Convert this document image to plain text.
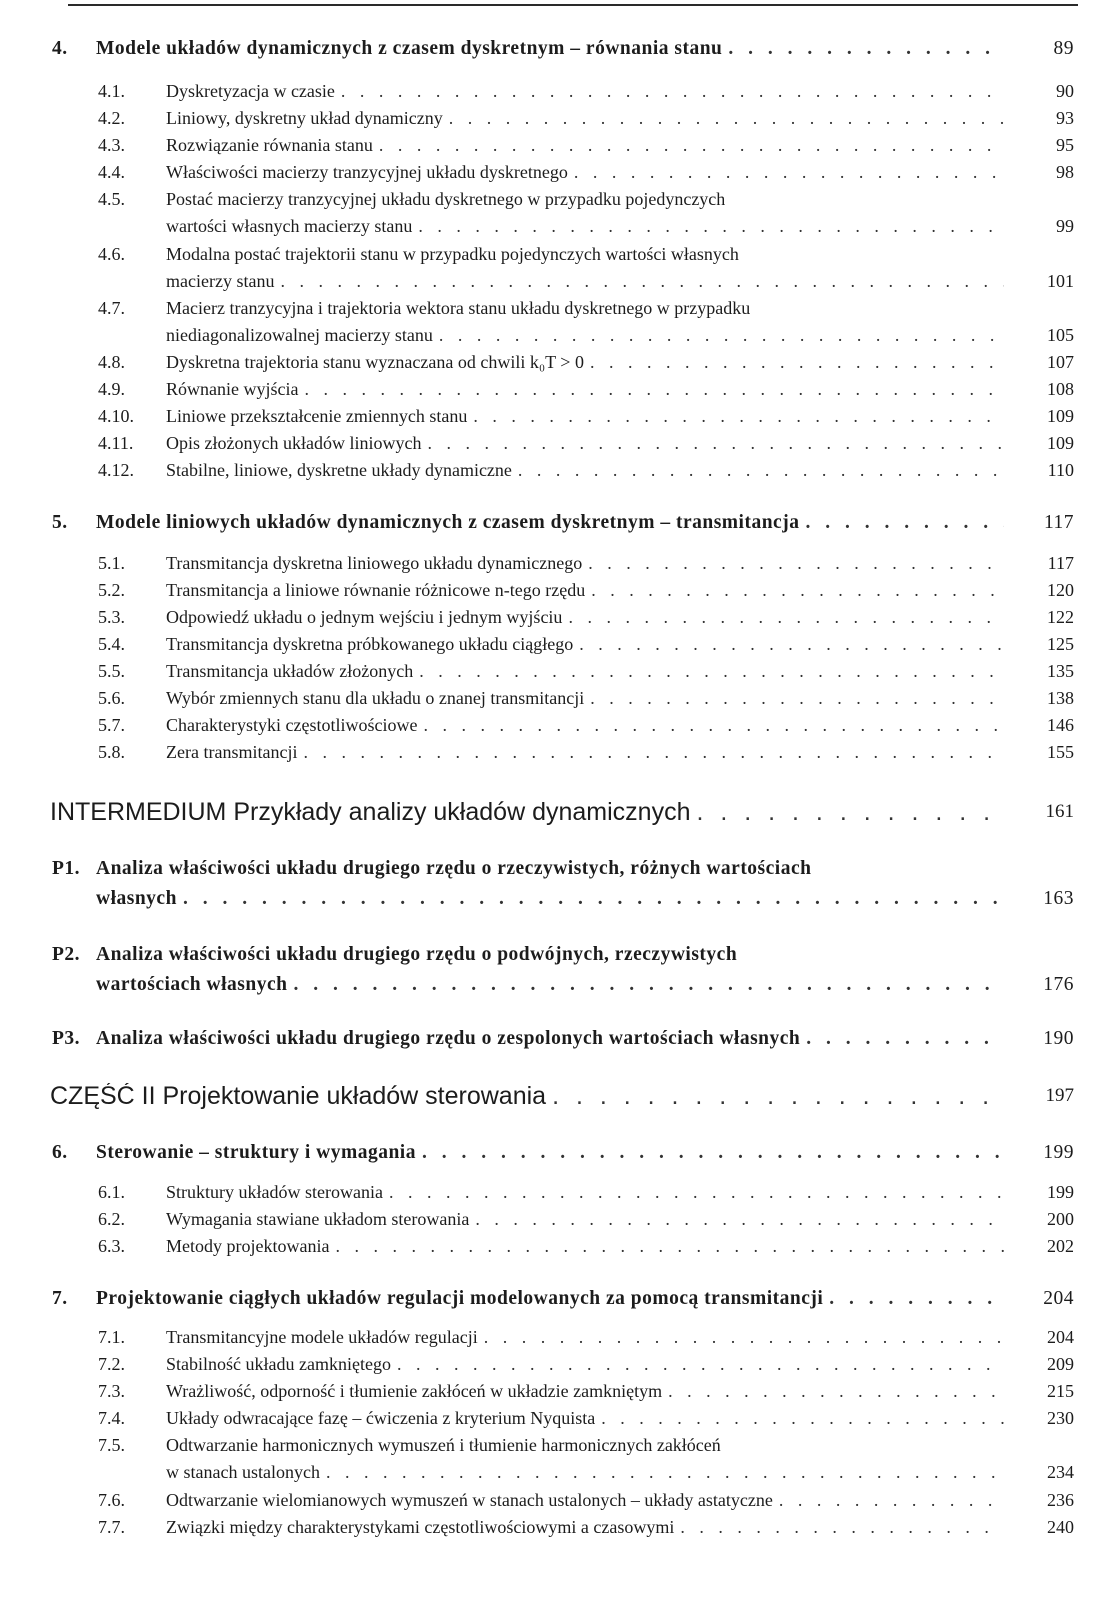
4. Modele układów dynamicznych z czasem dyskretnym – równania stanu . . .	89
4.1. Dyskretyzacja w czasie . . .	90
4.2. Liniowy, dyskretny układ dynamiczny . . .	93
4.3. Rozwiązanie równania stanu . . .	95
4.4. Właściwości macierzy tranzycyjnej układu dyskretnego . . .	98
4.5. Postać macierzy tranzycyjnej układu dyskretnego w przypadku pojedynczych
wartości własnych macierzy stanu . . .	99
4.6. Modalna postać trajektorii stanu w przypadku pojedynczych wartości własnych
macierzy stanu . . .	101
4.7. Macierz tranzycyjna i trajektoria wektora stanu układu dyskretnego w przypadku
niediagonalizowalnej macierzy stanu . . .	105
4.8. Dyskretna trajektoria stanu wyznaczana od chwili k₀T > 0 . . .	107
4.9. Równanie wyjścia . . .	108
4.10. Liniowe przekształcenie zmiennych stanu . . .	109
4.11. Opis złożonych układów liniowych . . .	109
4.12. Stabilne, liniowe, dyskretne układy dynamiczne . . .	110
5. Modele liniowych układów dynamicznych z czasem dyskretnym – transmitancja . . .	117
5.1. Transmitancja dyskretna liniowego układu dynamicznego . . .	117
5.2. Transmitancja a liniowe równanie różnicowe n-tego rzędu . . .	120
5.3. Odpowiedź układu o jednym wejściu i jednym wyjściu . . .	122
5.4. Transmitancja dyskretna próbkowanego układu ciągłego . . .	125
5.5. Transmitancja układów złożonych . . .	135
5.6. Wybór zmiennych stanu dla układu o znanej transmitancji . . .	138
5.7. Charakterystyki częstotliwościowe . . .	146
5.8. Zera transmitancji . . .	155
INTERMEDIUM Przykłady analizy układów dynamicznych . . .	161
P1. Analiza właściwości układu drugiego rzędu o rzeczywistych, różnych wartościach
własnych . . .	163
P2. Analiza właściwości układu drugiego rzędu o podwójnych, rzeczywistych
wartościach własnych . . .	176
P3. Analiza właściwości układu drugiego rzędu o zespolonych wartościach własnych . . .	190
CZĘŚĆ II Projektowanie układów sterowania . . .	197
6. Sterowanie – struktury i wymagania . . .	199
6.1. Struktury układów sterowania . . .	199
6.2. Wymagania stawiane układom sterowania . . .	200
6.3. Metody projektowania . . .	202
7. Projektowanie ciągłych układów regulacji modelowanych za pomocą transmitancji . . .	204
7.1. Transmitancyjne modele układów regulacji . . .	204
7.2. Stabilność układu zamkniętego . . .	209
7.3. Wrażliwość, odporność i tłumienie zakłóceń w układzie zamkniętym . . .	215
7.4. Układy odwracające fazę – ćwiczenia z kryterium Nyquista . . .	230
7.5. Odtwarzanie harmonicznych wymuszeń i tłumienie harmonicznych zakłóceń
w stanach ustalonych . . .	234
7.6. Odtwarzanie wielomianowych wymuszeń w stanach ustalonych – układy astatyczne . . .	236
7.7. Związki między charakterystykami częstotliwościowymi a czasowymi . . .	240
